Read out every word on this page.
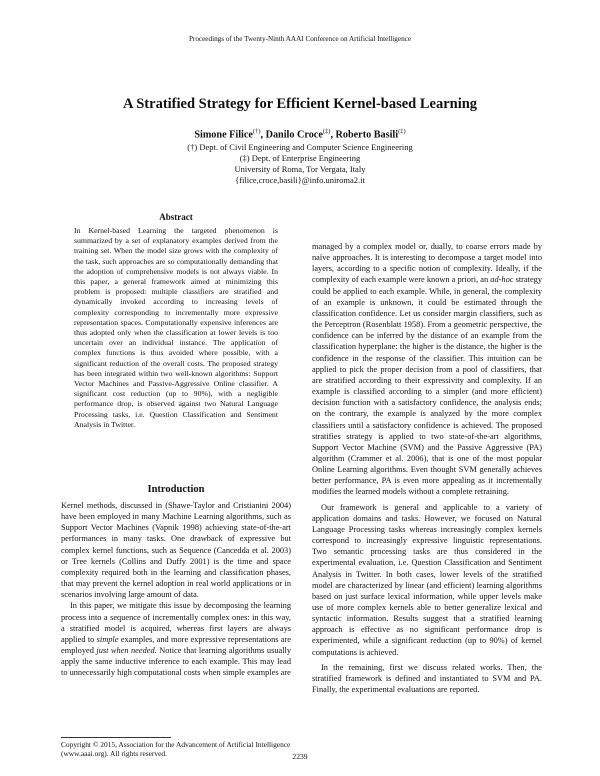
Proceedings of the Twenty-Ninth AAAI Conference on Artificial Intelligence
A Stratified Strategy for Efficient Kernel-based Learning
Simone Filice(†), Danilo Croce(‡), Roberto Basili(‡)
(†) Dept. of Civil Engineering and Computer Science Engineering
(‡) Dept. of Enterprise Engineering
University of Roma, Tor Vergata, Italy
{filice,croce,basili}@info.uniroma2.it
Abstract

In Kernel-based Learning the targeted phenomenon is summarized by a set of explanatory examples derived from the training set. When the model size grows with the complexity of the task, such approaches are so computationally demanding that the adoption of comprehensive models is not always viable. In this paper, a general framework aimed at minimizing this problem is proposed: multiple classifiers are stratified and dynamically invoked according to increasing levels of complexity corresponding to incrementally more expressive representation spaces. Computationally expensive inferences are thus adopted only when the classification at lower levels is too uncertain over an individual instance. The application of complex functions is thus avoided where possible, with a significant reduction of the overall costs. The proposed strategy has been integrated within two well-known algorithms: Support Vector Machines and Passive-Aggressive Online classifier. A significant cost reduction (up to 90%), with a negligible performance drop, is observed against two Natural Language Processing tasks, i.e. Question Classification and Sentiment Analysis in Twitter.

Introduction

Kernel methods, discussed in (Shawe-Taylor and Cristianini 2004) have been employed in many Machine Learning algorithms, such as Support Vector Machines (Vapnik 1998) achieving state-of-the-art performances in many tasks. One drawback of expressive but complex kernel functions, such as Sequence (Cancedda et al. 2003) or Tree kernels (Collins and Duffy 2001) is the time and space complexity required both in the learning and classification phases, that may prevent the kernel adoption in real world applications or in scenarios involving large amount of data.

In this paper, we mitigate this issue by decomposing the learning process into a sequence of incrementally complex ones: in this way, a stratified model is acquired, whereas first layers are always applied to simple examples, and more expressive representations are employed just when needed. Notice that learning algorithms usually apply the same inductive inference to each example. This may lead to unnecessarily high computational costs when simple examples are

Copyright © 2015, Association for the Advancement of Artificial Intelligence (www.aaai.org). All rights reserved.

managed by a complex model or, dually, to coarse errors made by naïve approaches. It is interesting to decompose a target model into layers, according to a specific notion of complexity. Ideally, if the complexity of each example were known a priori, an ad-hoc strategy could be applied to each example. While, in general, the complexity of an example is unknown, it could be estimated through the classification confidence. Let us consider margin classifiers, such as the Perceptron (Rosenblatt 1958). From a geometric perspective, the confidence can be inferred by the distance of an example from the classification hyperplane: the higher is the distance, the higher is the confidence in the response of the classifier. This intuition can be applied to pick the proper decision from a pool of classifiers, that are stratified according to their expressivity and complexity. If an example is classified according to a simpler (and more efficient) decision function with a satisfactory confidence, the analysis ends; on the contrary, the example is analyzed by the more complex classifiers until a satisfactory confidence is achieved. The proposed stratifies strategy is applied to two state-of-the-art algorithms, Support Vector Machine (SVM) and the Passive Aggressive (PA) algorithm (Crammer et al. 2006), that is one of the most popular Online Learning algorithms. Even thought SVM generally achieves better performance, PA is even more appealing as it incrementally modifies the learned models without a complete retraining.

Our framework is general and applicable to a variety of application domains and tasks. However, we focused on Natural Language Processing tasks whereas increasingly complex kernels correspond to increasingly expressive linguistic representations. Two semantic processing tasks are thus considered in the experimental evaluation, i.e. Question Classification and Sentiment Analysis in Twitter. In both cases, lower levels of the stratified model are characterized by linear (and efficient) learning algorithms based on just surface lexical information, while upper levels make use of more complex kernels able to better generalize lexical and syntactic information. Results suggest that a stratified learning approach is effective as no significant performance drop is experimented, while a significant reduction (up to 90%) of kernel computations is achieved.

In the remaining, first we discuss related works. Then, the stratified framework is defined and instantiated to SVM and PA. Finally, the experimental evaluations are reported.

2239
